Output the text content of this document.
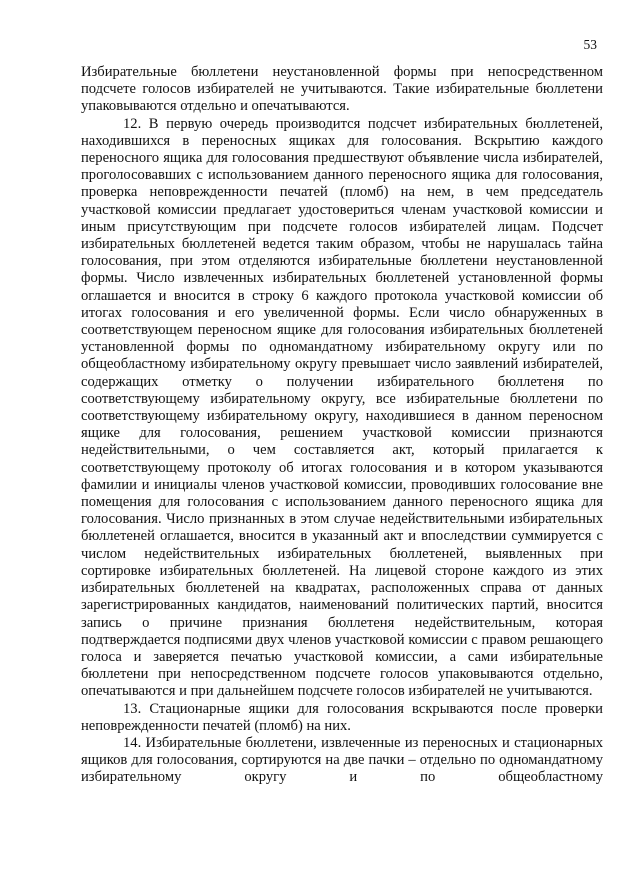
53

Избирательные бюллетени неустановленной формы при непосредственном подсчете голосов избирателей не учитываются. Такие избирательные бюллетени упаковываются отдельно и опечатываются.

12. В первую очередь производится подсчет избирательных бюллетеней, находившихся в переносных ящиках для голосования. Вскрытию каждого переносного ящика для голосования предшествуют объявление числа избирателей, проголосовавших с использованием данного переносного ящика для голосования, проверка неповрежденности печатей (пломб) на нем, в чем председатель участковой комиссии предлагает удостовериться членам участковой комиссии и иным присутствующим при подсчете голосов избирателей лицам. Подсчет избирательных бюллетеней ведется таким образом, чтобы не нарушалась тайна голосования, при этом отделяются избирательные бюллетени неустановленной формы. Число извлеченных избирательных бюллетеней установленной формы оглашается и вносится в строку 6 каждого протокола участковой комиссии об итогах голосования и его увеличенной формы. Если число обнаруженных в соответствующем переносном ящике для голосования избирательных бюллетеней установленной формы по одномандатному избирательному округу или по общеобластному избирательному округу превышает число заявлений избирателей, содержащих отметку о получении избирательного бюллетеня по соответствующему избирательному округу, все избирательные бюллетени по соответствующему избирательному округу, находившиеся в данном переносном ящике для голосования, решением участковой комиссии признаются недействительными, о чем составляется акт, который прилагается к соответствующему протоколу об итогах голосования и в котором указываются фамилии и инициалы членов участковой комиссии, проводивших голосование вне помещения для голосования с использованием данного переносного ящика для голосования. Число признанных в этом случае недействительными избирательных бюллетеней оглашается, вносится в указанный акт и впоследствии суммируется с числом недействительных избирательных бюллетеней, выявленных при сортировке избирательных бюллетеней. На лицевой стороне каждого из этих избирательных бюллетеней на квадратах, расположенных справа от данных зарегистрированных кандидатов, наименований политических партий, вносится запись о причине признания бюллетеня недействительным, которая подтверждается подписями двух членов участковой комиссии с правом решающего голоса и заверяется печатью участковой комиссии, а сами избирательные бюллетени при непосредственном подсчете голосов упаковываются отдельно, опечатываются и при дальнейшем подсчете голосов избирателей не учитываются.

13. Стационарные ящики для голосования вскрываются после проверки неповрежденности печатей (пломб) на них.

14. Избирательные бюллетени, извлеченные из переносных и стационарных ящиков для голосования, сортируются на две пачки – отдельно по одномандатному избирательному округу и по общеобластному
